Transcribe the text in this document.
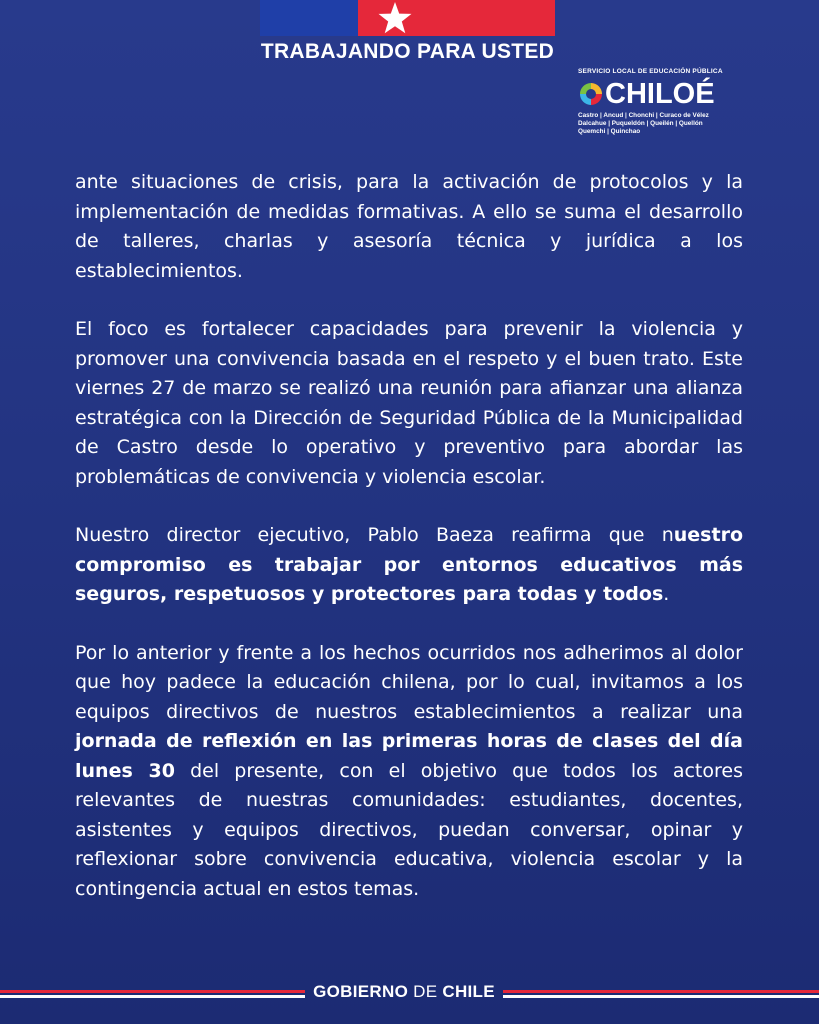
TRABAJANDO PARA USTED
SERVICIO LOCAL DE EDUCACIÓN PÚBLICA
CHILOÉ
Castro | Ancud | Chonchi | Curaco de Vélez
Dalcahue | Puqueldón | Queilén | Quellón
Quemchi | Quinchao

ante situaciones de crisis, para la activación de protocolos y la implementación de medidas formativas. A ello se suma el desarrollo de talleres, charlas y asesoría técnica y jurídica a los establecimientos.

El foco es fortalecer capacidades para prevenir la violencia y promover una convivencia basada en el respeto y el buen trato. Este viernes 27 de marzo se realizó una reunión para afianzar una alianza estratégica con la Dirección de Seguridad Pública de la Municipalidad de Castro desde lo operativo y preventivo para abordar las problemáticas de convivencia y violencia escolar.

Nuestro director ejecutivo, Pablo Baeza reafirma que nuestro compromiso es trabajar por entornos educativos más seguros, respetuosos y protectores para todas y todos.

Por lo anterior y frente a los hechos ocurridos nos adherimos al dolor que hoy padece la educación chilena, por lo cual, invitamos a los equipos directivos de nuestros establecimientos a realizar una jornada de reflexión en las primeras horas de clases del día lunes 30 del presente, con el objetivo que todos los actores relevantes de nuestras comunidades: estudiantes, docentes, asistentes y equipos directivos, puedan conversar, opinar y reflexionar sobre convivencia educativa, violencia escolar y la contingencia actual en estos temas.

GOBIERNO DE CHILE
